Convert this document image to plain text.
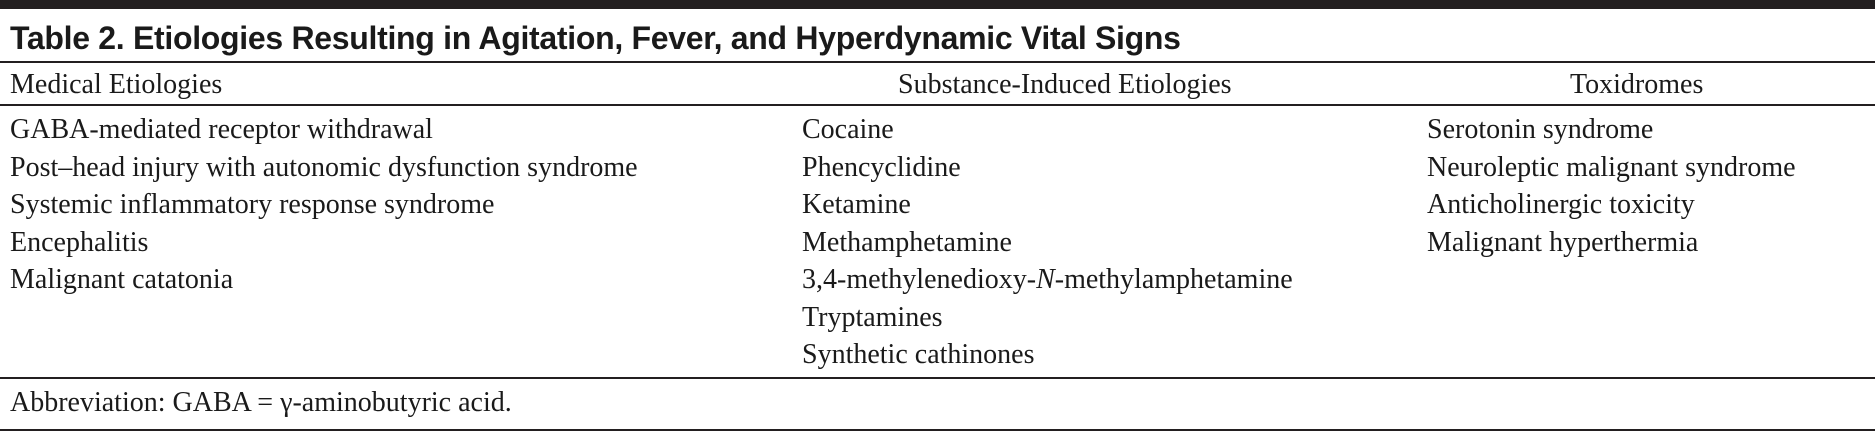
Table 2. Etiologies Resulting in Agitation, Fever, and Hyperdynamic Vital Signs
Medical Etiologies	Substance-Induced Etiologies	Toxidromes
GABA-mediated receptor withdrawal
Post–head injury with autonomic dysfunction syndrome
Systemic inflammatory response syndrome
Encephalitis
Malignant catatonia
Cocaine
Phencyclidine
Ketamine
Methamphetamine
3,4-methylenedioxy-N-methylamphetamine
Tryptamines
Synthetic cathinones
Serotonin syndrome
Neuroleptic malignant syndrome
Anticholinergic toxicity
Malignant hyperthermia
Abbreviation: GABA = γ-aminobutyric acid.
